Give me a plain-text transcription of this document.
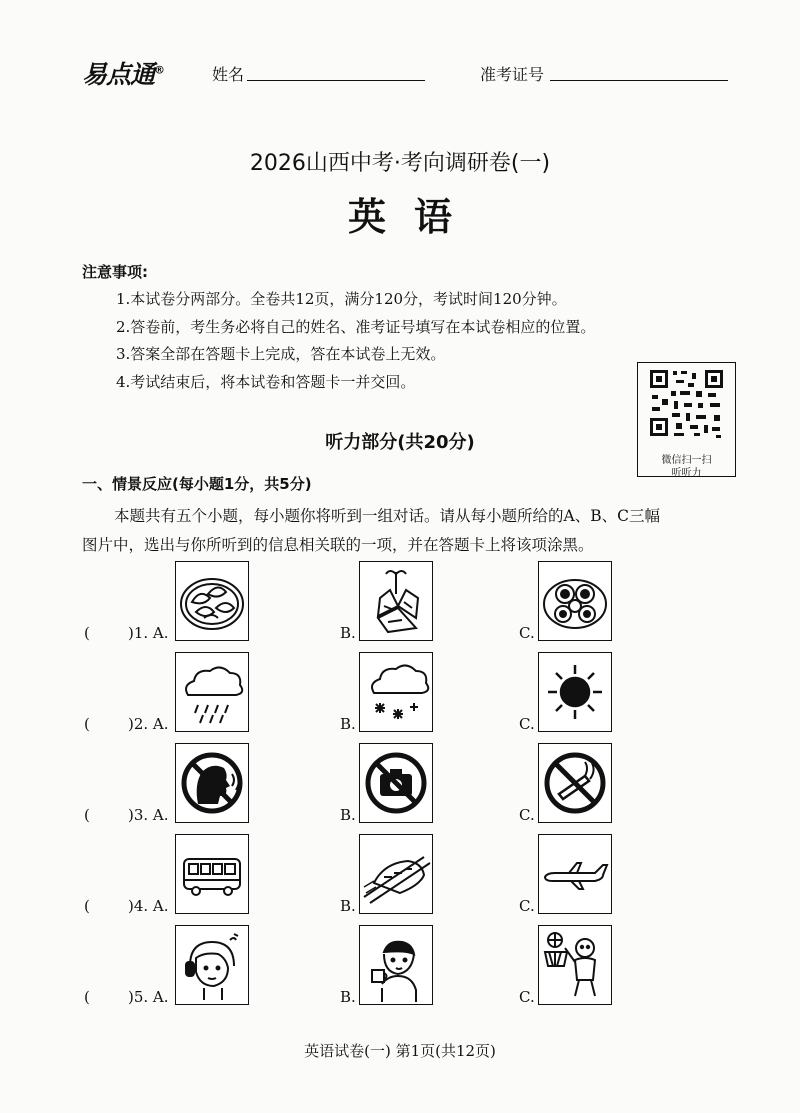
易点通®	姓名	准考证号
2026山西中考·考向调研卷(一)
英语
注意事项:
1.本试卷分两部分。全卷共12页，满分120分，考试时间120分钟。
2.答卷前，考生务必将自己的姓名、准考证号填写在本试卷相应的位置。
3.答案全部在答题卡上完成，答在本试卷上无效。
4.考试结束后，将本试卷和答题卡一并交回。
微信扫一扫
听听力
听力部分(共20分)
一、情景反应(每小题1分，共5分)
本题共有五个小题，每小题你将听到一组对话。请从每小题所给的A、B、C三幅
图片中，选出与你所听到的信息相关联的一项，并在答题卡上将该项涂黑。
(	)1. A.	B.	C.
(	)2. A.	B.	C.
(	)3. A.	B.	C.
(	)4. A.	B.	C.
(	)5. A.	B.	C.
英语试卷(一) 第1页(共12页)
